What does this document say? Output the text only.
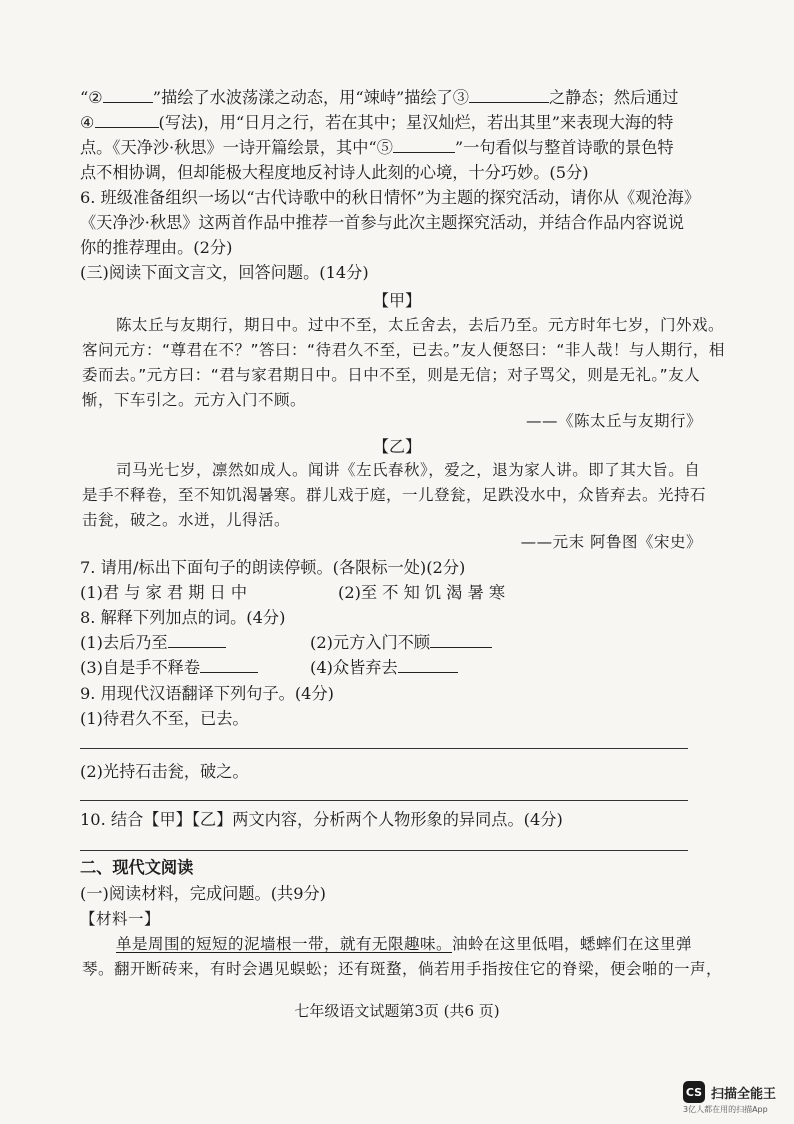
“②	”描绘了水波荡漾之动态，用“竦峙”描绘了③	之静态；然后通过
④	(写法)，用“日月之行，若在其中；星汉灿烂，若出其里”来表现大海的特
点。《天净沙·秋思》一诗开篇绘景，其中“⑤	”一句看似与整首诗歌的景色特
点不相协调，但却能极大程度地反衬诗人此刻的心境，十分巧妙。(5分)
6. 班级准备组织一场以“古代诗歌中的秋日情怀”为主题的探究活动，请你从《观沧海》
《天净沙·秋思》这两首作品中推荐一首参与此次主题探究活动，并结合作品内容说说
你的推荐理由。(2分)
(三)阅读下面文言文，回答问题。(14分)
【甲】
陈太丘与友期行，期日中。过中不至，太丘舍去，去后乃至。元方时年七岁，门外戏。
客问元方：“尊君在不？”答曰：“待君久不至，已去。”友人便怒曰：“非人哉！与人期行，相
委而去。”元方曰：“君与家君期日中。日中不至，则是无信；对子骂父，则是无礼。”友人
惭，下车引之。元方入门不顾。
——《陈太丘与友期行》
【乙】
司马光七岁，凛然如成人。闻讲《左氏春秋》，爱之，退为家人讲。即了其大旨。自
是手不释卷，至不知饥渴暑寒。群儿戏于庭，一儿登瓮，足跌没水中，众皆弃去。光持石
击瓮，破之。水迸，儿得活。
——元末 阿鲁图《宋史》
7. 请用/标出下面句子的朗读停顿。(各限标一处)(2分)
(1)君 与 家 君 期 日 中	(2)至 不 知 饥 渴 暑 寒
8. 解释下列加点的词。(4分)
(1)去后乃至	(2)元方入门不顾
(3)自是手不释卷	(4)众皆弃去
9. 用现代汉语翻译下列句子。(4分)
(1)待君久不至，已去。
(2)光持石击瓮，破之。
10. 结合【甲】【乙】两文内容，分析两个人物形象的异同点。(4分)
二、现代文阅读
(一)阅读材料，完成问题。(共9分)
【材料一】
单是周围的短短的泥墙根一带，就有无限趣味。油蛉在这里低唱，蟋蟀们在这里弹
琴。翻开断砖来，有时会遇见蜈蚣；还有斑蝥，倘若用手指按住它的脊梁，便会啪的一声，
七年级语文试题第3页 (共6 页)
CS 扫描全能王
3亿人都在用的扫描App
